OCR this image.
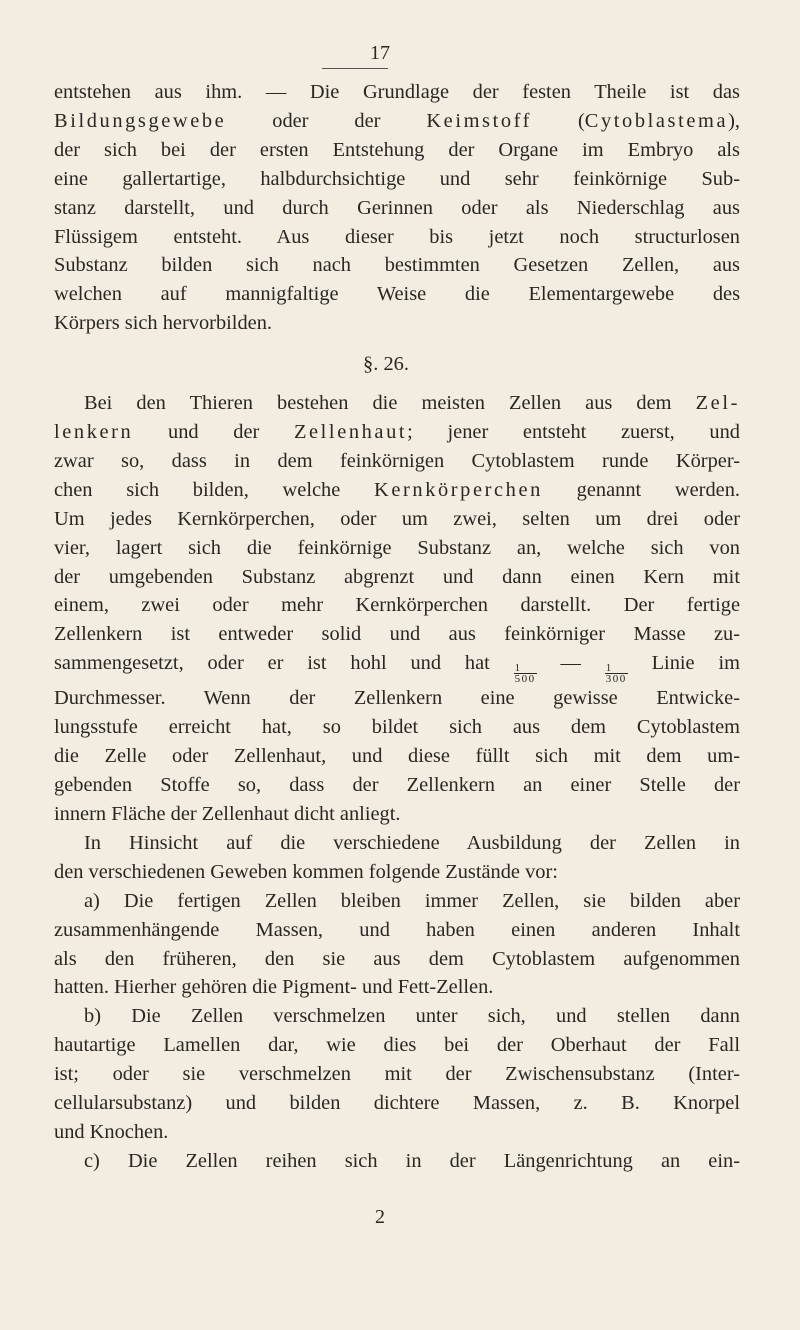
17
entstehen aus ihm. — Die Grundlage der festen Theile ist das
Bildungsgewebe oder der Keimstoff (Cytoblastema),
der sich bei der ersten Entstehung der Organe im Embryo als
eine gallertartige, halbdurchsichtige und sehr feinkörnige Sub-
stanz darstellt, und durch Gerinnen oder als Niederschlag aus
Flüssigem entsteht. Aus dieser bis jetzt noch structurlosen
Substanz bilden sich nach bestimmten Gesetzen Zellen, aus
welchen auf mannigfaltige Weise die Elementargewebe des
Körpers sich hervorbilden.
§. 26.
Bei den Thieren bestehen die meisten Zellen aus dem Zel-
lenkern und der Zellenhaut; jener entsteht zuerst, und
zwar so, dass in dem feinkörnigen Cytoblastem runde Körper-
chen sich bilden, welche Kernkörperchen genannt werden.
Um jedes Kernkörperchen, oder um zwei, selten um drei oder
vier, lagert sich die feinkörnige Substanz an, welche sich von
der umgebenden Substanz abgrenzt und dann einen Kern mit
einem, zwei oder mehr Kernkörperchen darstellt. Der fertige
Zellenkern ist entweder solid und aus feinkörniger Masse zu-
sammengesetzt, oder er ist hohl und hat $\frac{1}{500}$ — $\frac{1}{300}$ Linie im
Durchmesser. Wenn der Zellenkern eine gewisse Entwicke-
lungsstufe erreicht hat, so bildet sich aus dem Cytoblastem
die Zelle oder Zellenhaut, und diese füllt sich mit dem um-
gebenden Stoffe so, dass der Zellenkern an einer Stelle der
innern Fläche der Zellenhaut dicht anliegt.
In Hinsicht auf die verschiedene Ausbildung der Zellen in
den verschiedenen Geweben kommen folgende Zustände vor:
a) Die fertigen Zellen bleiben immer Zellen, sie bilden aber
zusammenhängende Massen, und haben einen anderen Inhalt
als den früheren, den sie aus dem Cytoblastem aufgenommen
hatten. Hierher gehören die Pigment- und Fett-Zellen.
b) Die Zellen verschmelzen unter sich, und stellen dann
hautartige Lamellen dar, wie dies bei der Oberhaut der Fall
ist; oder sie verschmelzen mit der Zwischensubstanz (Inter-
cellularsubstanz) und bilden dichtere Massen, z. B. Knorpel
und Knochen.
c) Die Zellen reihen sich in der Längenrichtung an ein-
2
